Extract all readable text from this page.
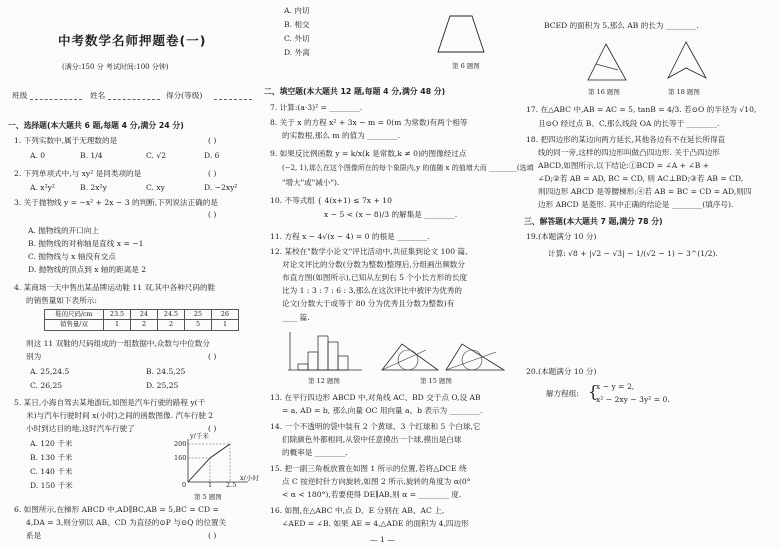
中考数学名师押题卷(一)
(满分:150 分 考试时间:100 分钟)
班级	姓名	得分(等级)
一、选择题(本大题共 6 题,每题 4 分,满分 24 分)
1. 下列实数中,属于无理数的是	( )
A. 0	B. 1/4	C. √2	D. 6
2. 下列单项式中,与 xy² 是同类项的是	( )
A. x²y²	B. 2x²y	C. xy	D. −2xy²
3. 关于抛物线 y = −x² + 2x − 3 的判断,下列说法正确的是
( )
A. 抛物线的开口向上
B. 抛物线的对称轴是直线 x = −1
C. 抛物线与 x 轴没有交点
D. 抛物线的顶点到 x 轴的距离是 2
4. 某商场一天中售出某品牌运动鞋 11 双,其中各种尺码的鞋
的销售量如下表所示:
鞋的尺码/cm	23.5	24	24.5	25	26
销售量/双	1	2	2	5	1
则这 11 双鞋的尺码组成的一组数据中,众数与中位数分
别为	( )
A. 25,24.5	B. 24.5,25
C. 26,25	D. 25,25
5. 某日,小海自驾去某地游玩,如图是汽车行驶的路程 y(千
米)与汽车行驶时间 x(小时)之间的函数图像. 汽车行驶 2
小时到达目的地,这时汽车行驶了	( )
A. 120 千米
B. 130 千米
C. 140 千米
D. 150 千米
y/千米
200
160
0	1 2.5
x/小时
第 5 题图
6. 如图所示,在梯形 ABCD 中,AD∥BC,AB = 5,BC = CD =
4,DA = 3,则分别以 AB、CD 为直径的⊙P 与⊙Q 的位置关
系是	( )
A. 内切
B. 相交
C. 外切
D. 外离
第 6 题图
二、填空题(本大题共 12 题,每题 4 分,满分 48 分)
7. 计算:(a·3)² = ________.
8. 关于 x 的方程 x² + 3x − m = 0(m 为常数)有两个相等
的实数根,那么 m 的值为 ________.
9. 如果反比例函数 y = k/x(k 是常数,k ≠ 0)的图像经过点
(−2, 1),那么在这个图像所在的每个象限内,y 的值随 x 的值增大而 ________(选填
"增大"或"减小").
10. 不等式组 { 4(x+1) ≤ 7x + 10
x − 5 < (x − 8)/3 的解集是 ________.
11. 方程 x − 4√(x − 4) = 0 的根是 ________.
12. 某校在"数学小论文"评比活动中,共征集到论文 100 篇,
对论文评比的分数(分数为整数)整理后,分组画出频数分
布直方图(如图所示),已知从左到右 5 个小长方形的长度
比为 1 : 3 : 7 : 6 : 3,那么在这次评比中被评为优秀的
论文(分数大于或等于 80 分为优秀且分数为整数)有
____ 篇.
第 12 题图	第 15 题图
13. 在平行四边形 ABCD 中,对角线 AC、BD 交于点 O,设 AB
= a, AD = b, 那么向量 OC 用向量 a、b 表示为 ________.
14. 一个不透明的袋中装有 2 个黄球、3 个红球和 5 个白球,它
们除颜色外都相同,从袋中任意摸出一个球,摸出是白球
的概率是 ________.
15. 把一副三角板放置在如图 1 所示的位置,若将△DCE 绕
点 C 按逆时针方向旋转,如图 2 所示,旋转的角度为 α(0°
< α < 180°),若要使得 DE∥AB,则 α = ________ 度.
16. 如图,在△ABC 中,点 D、E 分别在 AB、AC 上,
∠AED = ∠B. 如果 AE = 4,△ADE 的面积为 4,四边形
— 1 —
BCED 的面积为 5,那么 AB 的长为 ________.
第 16 题图	第 18 题图
17. 在△ABC 中,AB = AC = 5, tanB = 4/3. 若⊙O 的半径为 √10,
且⊙O 经过点 B、C,那么线段 OA 的长等于 ________.
18. 把四边形的某边向两方延长,其他各边有不在延长所得直
线的同一旁,这样的四边形叫做凸四边形. 关于凸四边形
ABCD,如图所示,以下结论:①BCD = ∠A + ∠B +
∠D;②若 AB = AD, BC = CD, 则 AC⊥BD;③若 AB = CD,
则四边形 ABCD 是等腰梯形;④若 AB = BC = CD = AD,则四
边形 ABCD 是菱形. 其中正确的结论是 ________(填序号).
三、解答题(本大题共 7 题,满分 78 分)
19.(本题满分 10 分)
计算: √8 + |√2 − √3| − 1/(√2 − 1) − 3^(1/2).
20.(本题满分 10 分)
解方程组: {
x − y = 2,
x² − 2xy − 3y² = 0.
